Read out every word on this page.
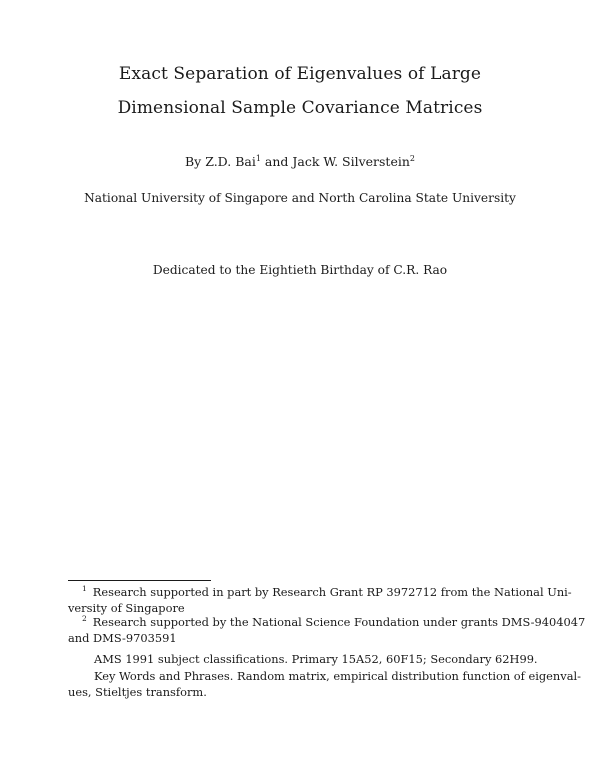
Exact Separation of Eigenvalues of Large
Dimensional Sample Covariance Matrices
By Z.D. Bai$^1$ and Jack W. Silverstein$^2$
National University of Singapore and North Carolina State University
Dedicated to the Eightieth Birthday of C.R. Rao
$^1$ Research supported in part by Research Grant RP 3972712 from the National Uni-
versity of Singapore
$^2$ Research supported by the National Science Foundation under grants DMS-9404047
and DMS-9703591
AMS 1991 subject classifications. Primary 15A52, 60F15; Secondary 62H99.
Key Words and Phrases. Random matrix, empirical distribution function of eigenval-
ues, Stieltjes transform.
